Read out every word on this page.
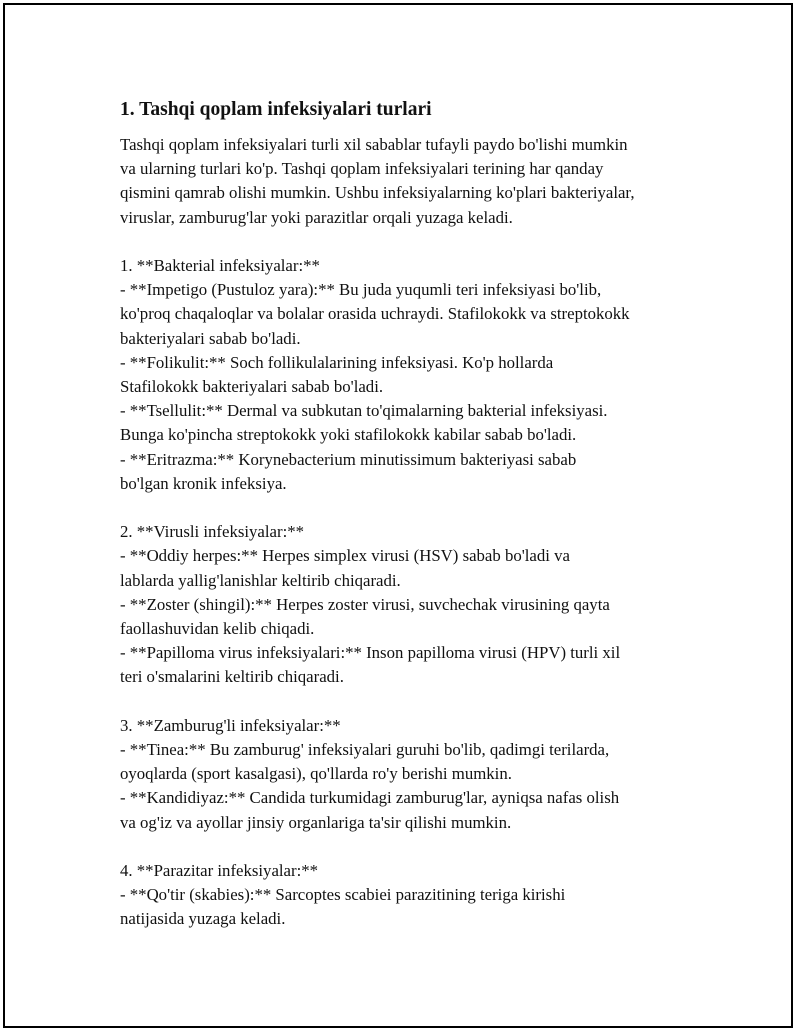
1. Tashqi qoplam infeksiyalari turlari

Tashqi qoplam infeksiyalari turli xil sabablar tufayli paydo bo'lishi mumkin
va ularning turlari ko'p. Tashqi qoplam infeksiyalari terining har qanday
qismini qamrab olishi mumkin. Ushbu infeksiyalarning ko'plari bakteriyalar,
viruslar, zamburug'lar yoki parazitlar orqali yuzaga keladi.

1. **Bakterial infeksiyalar:**
- **Impetigo (Pustuloz yara):** Bu juda yuqumli teri infeksiyasi bo'lib,
ko'proq chaqaloqlar va bolalar orasida uchraydi. Stafilokokk va streptokokk
bakteriyalari sabab bo'ladi.
- **Folikulit:** Soch follikulalarining infeksiyasi. Ko'p hollarda
Stafilokokk bakteriyalari sabab bo'ladi.
- **Tsellulit:** Dermal va subkutan to'qimalarning bakterial infeksiyasi.
Bunga ko'pincha streptokokk yoki stafilokokk kabilar sabab bo'ladi.
- **Eritrazma:** Korynebacterium minutissimum bakteriyasi sabab
bo'lgan kronik infeksiya.

2. **Virusli infeksiyalar:**
- **Oddiy herpes:** Herpes simplex virusi (HSV) sabab bo'ladi va
lablarda yallig'lanishlar keltirib chiqaradi.
- **Zoster (shingil):** Herpes zoster virusi, suvchechak virusining qayta
faollashuvidan kelib chiqadi.
- **Papilloma virus infeksiyalari:** Inson papilloma virusi (HPV) turli xil
teri o'smalarini keltirib chiqaradi.

3. **Zamburug'li infeksiyalar:**
- **Tinea:** Bu zamburug' infeksiyalari guruhi bo'lib, qadimgi terilarda,
oyoqlarda (sport kasalgasi), qo'llarda ro'y berishi mumkin.
- **Kandidiyaz:** Candida turkumidagi zamburug'lar, ayniqsa nafas olish
va og'iz va ayollar jinsiy organlariga ta'sir qilishi mumkin.

4. **Parazitar infeksiyalar:**
- **Qo'tir (skabies):** Sarcoptes scabiei parazitining teriga kirishi
natijasida yuzaga keladi.
